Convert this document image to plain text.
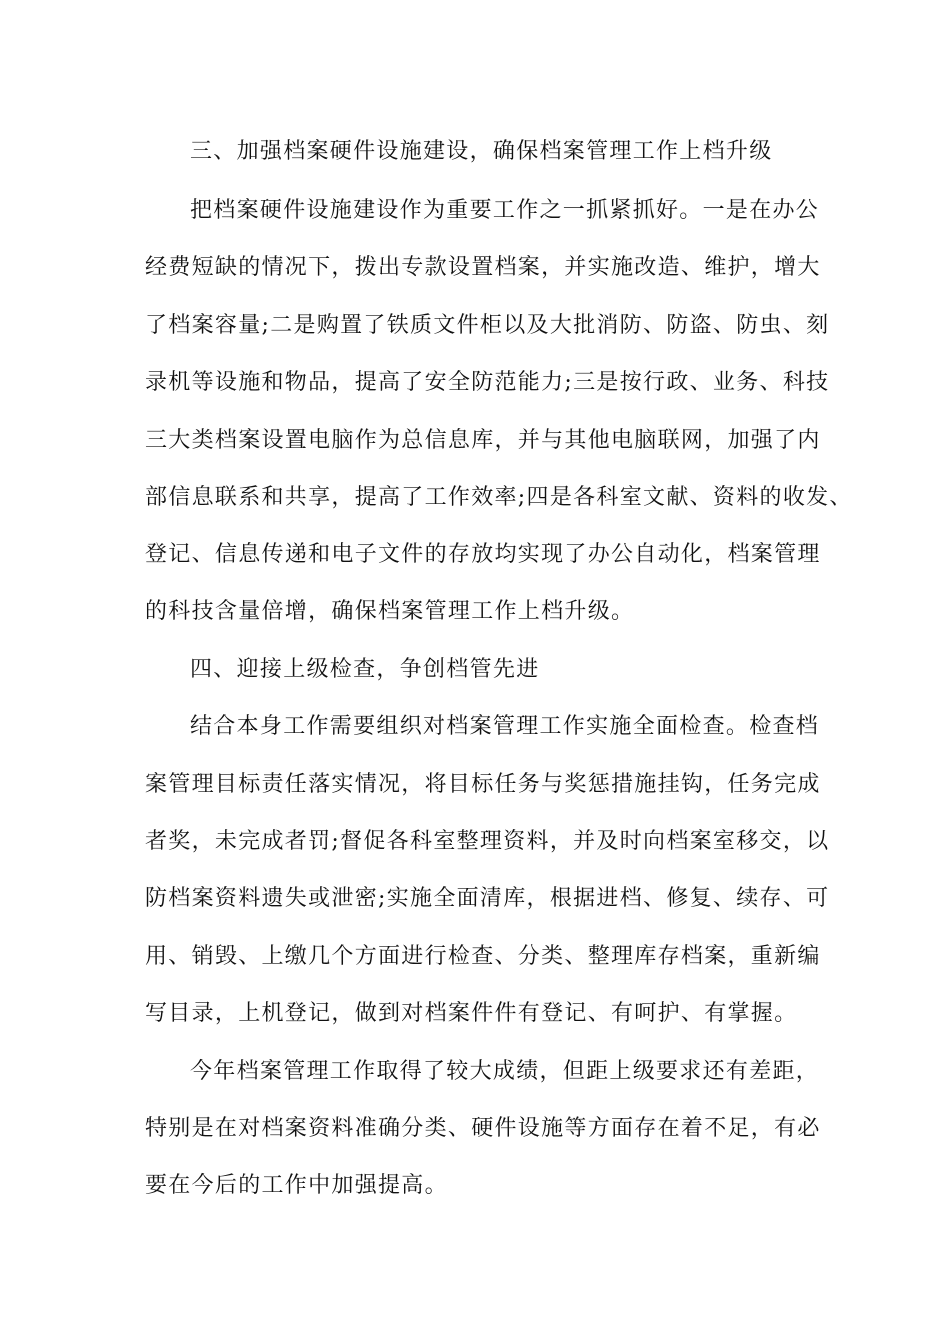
三、加强档案硬件设施建设，确保档案管理工作上档升级
把档案硬件设施建设作为重要工作之一抓紧抓好。一是在办公
经费短缺的情况下，拨出专款设置档案，并实施改造、维护，增大
了档案容量;二是购置了铁质文件柜以及大批消防、防盗、防虫、刻
录机等设施和物品，提高了安全防范能力;三是按行政、业务、科技
三大类档案设置电脑作为总信息库，并与其他电脑联网，加强了内
部信息联系和共享，提高了工作效率;四是各科室文献、资料的收发、
登记、信息传递和电子文件的存放均实现了办公自动化，档案管理
的科技含量倍增，确保档案管理工作上档升级。
四、迎接上级检查，争创档管先进
结合本身工作需要组织对档案管理工作实施全面检查。检查档
案管理目标责任落实情况，将目标任务与奖惩措施挂钩，任务完成
者奖，未完成者罚;督促各科室整理资料，并及时向档案室移交，以
防档案资料遗失或泄密;实施全面清库，根据进档、修复、续存、可
用、销毁、上缴几个方面进行检查、分类、整理库存档案，重新编
写目录，上机登记，做到对档案件件有登记、有呵护、有掌握。
今年档案管理工作取得了较大成绩，但距上级要求还有差距，
特别是在对档案资料准确分类、硬件设施等方面存在着不足，有必
要在今后的工作中加强提高。
